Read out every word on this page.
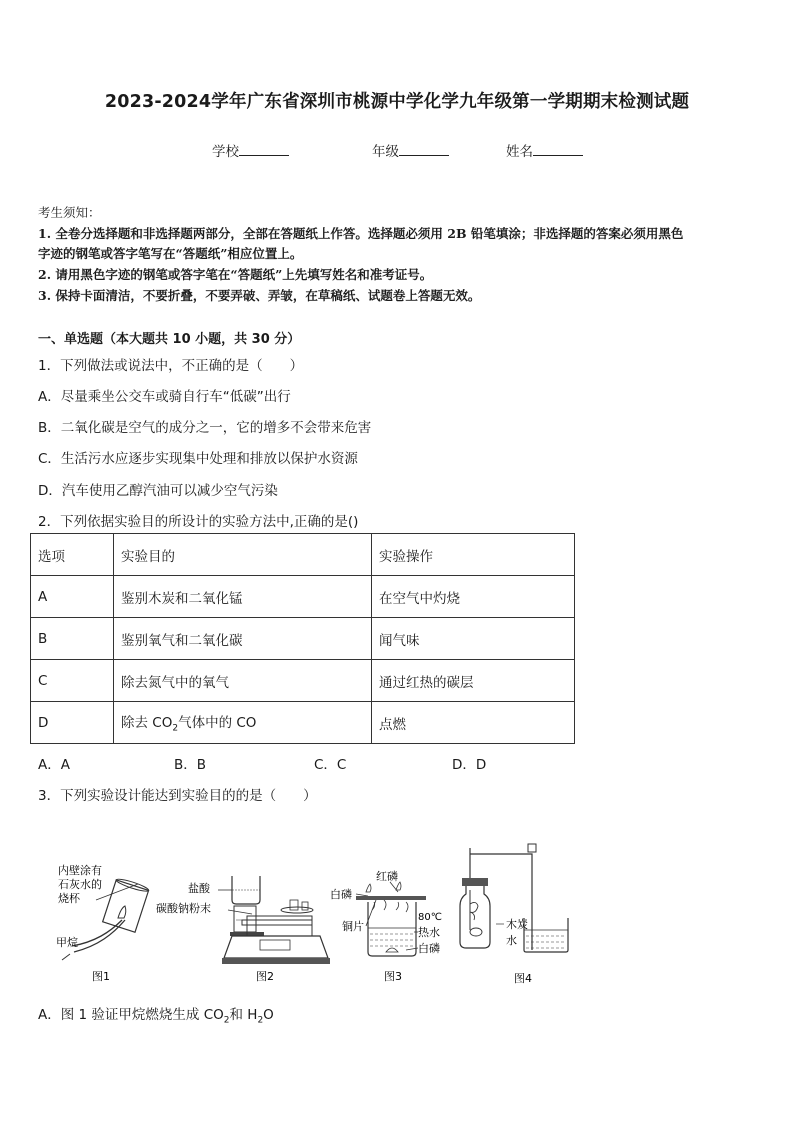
2023-2024学年广东省深圳市桃源中学化学九年级第一学期期末检测试题
学校	年级	姓名
考生须知：
1. 全卷分选择题和非选择题两部分，全部在答题纸上作答。选择题必须用 2B 铅笔填涂；非选择题的答案必须用黑色
字迹的钢笔或答字笔写在“答题纸”相应位置上。
2. 请用黑色字迹的钢笔或答字笔在“答题纸”上先填写姓名和准考证号。
3. 保持卡面清洁，不要折叠，不要弄破、弄皱，在草稿纸、试题卷上答题无效。
一、单选题（本大题共 10 小题，共 30 分）
1．下列做法或说法中，不正确的是（　　）
A．尽量乘坐公交车或骑自行车“低碳”出行
B．二氧化碳是空气的成分之一，它的增多不会带来危害
C．生活污水应逐步实现集中处理和排放以保护水资源
D．汽车使用乙醇汽油可以减少空气污染
2．下列依据实验目的所设计的实验方法中,正确的是()
选项	实验目的	实验操作
A	鉴别木炭和二氧化锰	在空气中灼烧
B	鉴别氧气和二氧化碳	闻气味
C	除去氮气中的氧气	通过红热的碳层
D	除去 $CO_2$气体中的 CO	点燃
A．A	B．B	C．C	D．D
3．下列实验设计能达到实验目的的是（　　）
内壁涂有
石灰水的
烧杯
甲烷
图1
盐酸
碳酸钠粉末
图2
红磷
白磷
铜片
80℃
热水
白磷
图3
木炭
水
图4
A．图 1 验证甲烷燃烧生成 $CO_2$和 $H_2O$
